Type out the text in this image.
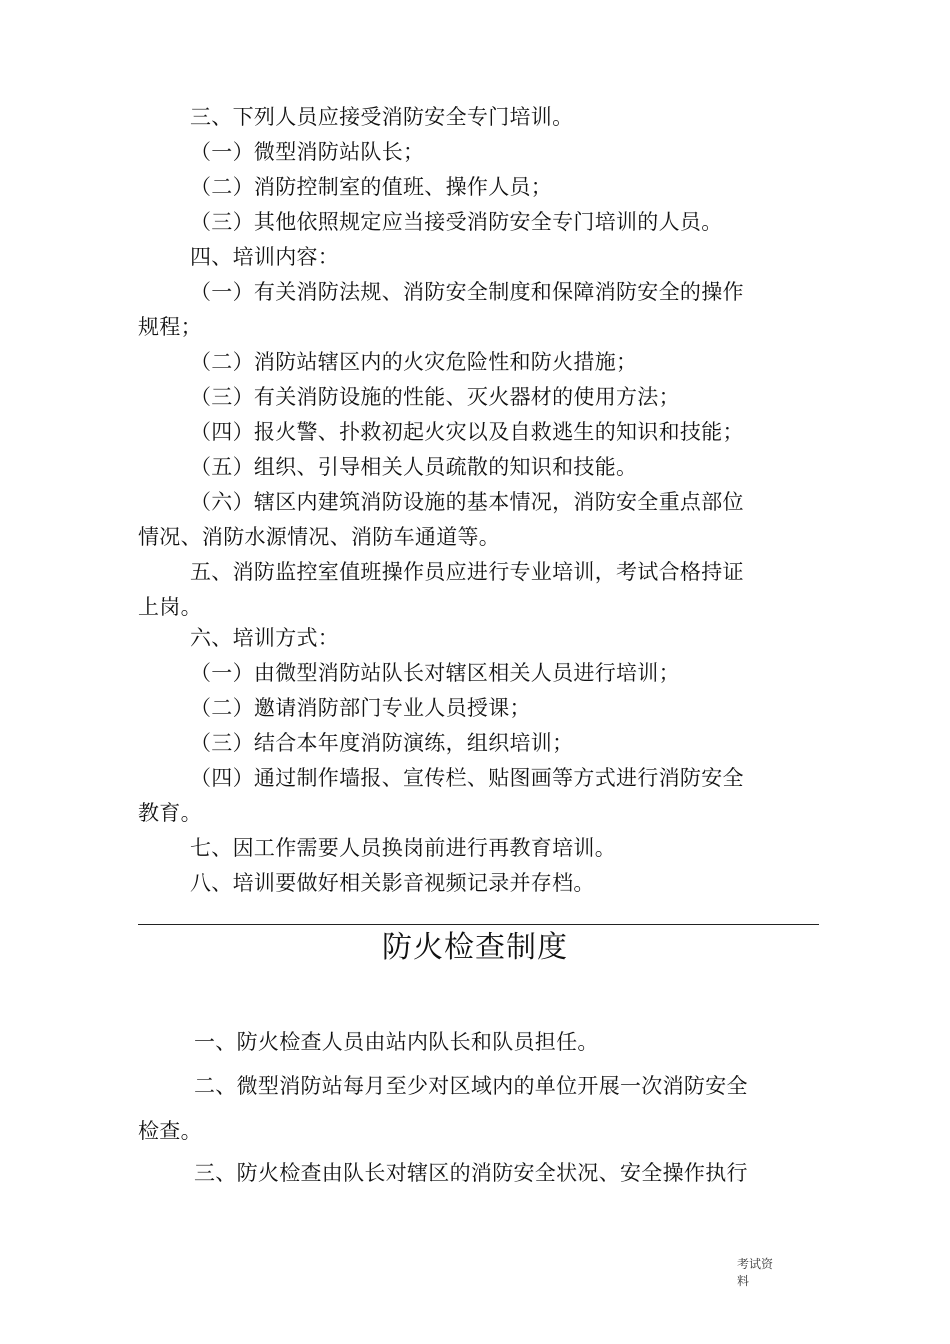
三、下列人员应接受消防安全专门培训。
（一）微型消防站队长；
（二）消防控制室的值班、操作人员；
（三）其他依照规定应当接受消防安全专门培训的人员。
四、培训内容：
（一）有关消防法规、消防安全制度和保障消防安全的操作
规程；
（二）消防站辖区内的火灾危险性和防火措施；
（三）有关消防设施的性能、灭火器材的使用方法；
（四）报火警、扑救初起火灾以及自救逃生的知识和技能；
（五）组织、引导相关人员疏散的知识和技能。
（六）辖区内建筑消防设施的基本情况，消防安全重点部位
情况、消防水源情况、消防车通道等。
五、消防监控室值班操作员应进行专业培训，考试合格持证
上岗。
六、培训方式：
（一）由微型消防站队长对辖区相关人员进行培训；
（二）邀请消防部门专业人员授课；
（三）结合本年度消防演练，组织培训；
（四）通过制作墙报、宣传栏、贴图画等方式进行消防安全
教育。
七、因工作需要人员换岗前进行再教育培训。
八、培训要做好相关影音视频记录并存档。
防火检查制度
一、防火检查人员由站内队长和队员担任。
二、微型消防站每月至少对区域内的单位开展一次消防安全
检查。
三、防火检查由队长对辖区的消防安全状况、安全操作执行
考试资
料
